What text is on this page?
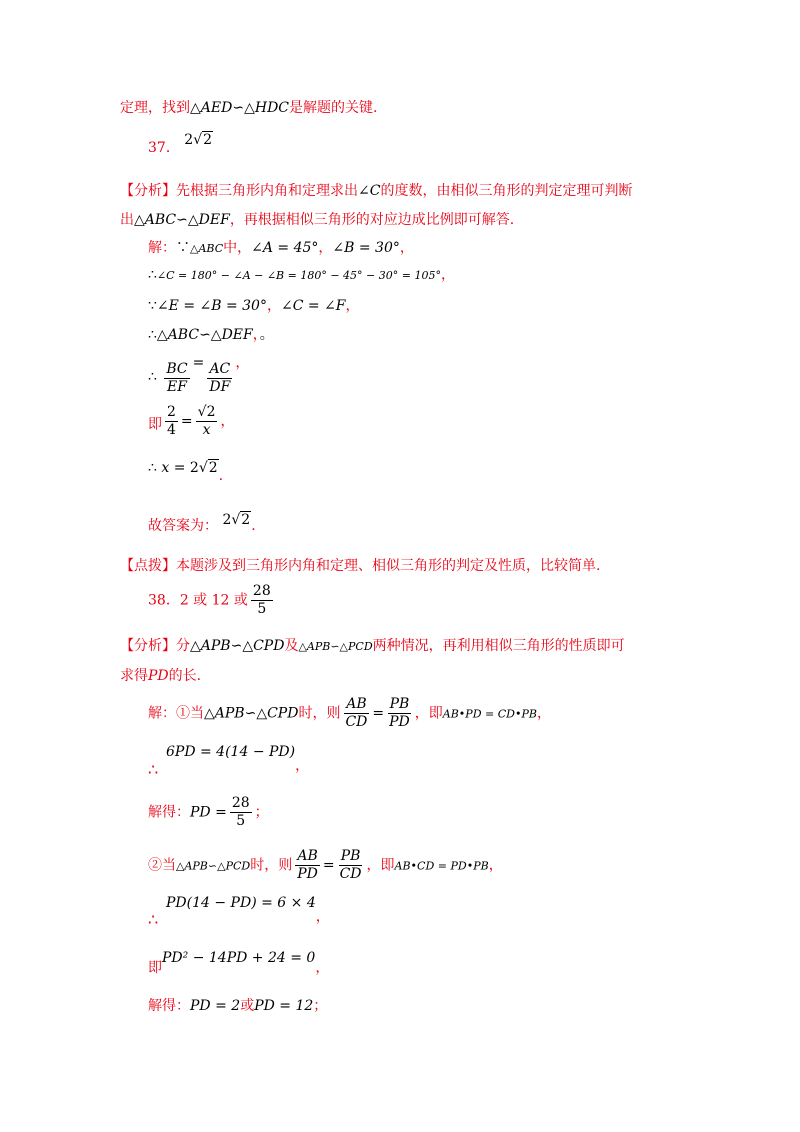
定理，找到△AED∽△HDC是解题的关键.
37． 2√2
【分析】先根据三角形内角和定理求出∠C的度数，由相似三角形的判定定理可判断
出△ABC∽△DEF，再根据相似三角形的对应边成比例即可解答.
解：∵△ABC中，∠A = 45°，∠B = 30°，
∴∠C = 180° − ∠A − ∠B = 180° − 45° − 30° = 105°，
∵∠E = ∠B = 30°，∠C = ∠F，
∴△ABC∽△DEF，。
∴ $\frac{BC}{EF} = \frac{AC}{DF}$ ，
即 $\frac{2}{4} = \frac{√2}{x}$ ，
∴ x = 2√2.
故答案为： 2√2.
【点拨】本题涉及到三角形内角和定理、相似三角形的判定及性质，比较简单.
38．2 或 12 或 $\frac{28}{5}$
【分析】分△APB∽△CPD及△APB∽△PCD两种情况，再利用相似三角形的性质即可
求得PD的长.
解：①当△APB∽△CPD时，则 $\frac{AB}{CD} = \frac{PB}{PD}$ ，即AB•PD = CD•PB，
6PD = 4(14 − PD)，
∴
解得：PD = $\frac{28}{5}$ ；
②当△APB∽△PCD时，则 $\frac{AB}{PD} = \frac{PB}{CD}$ ，即AB•CD = PD•PB，
PD(14 − PD) = 6 × 4，
∴
即PD² − 14PD + 24 = 0，
解得：PD = 2或PD = 12；
